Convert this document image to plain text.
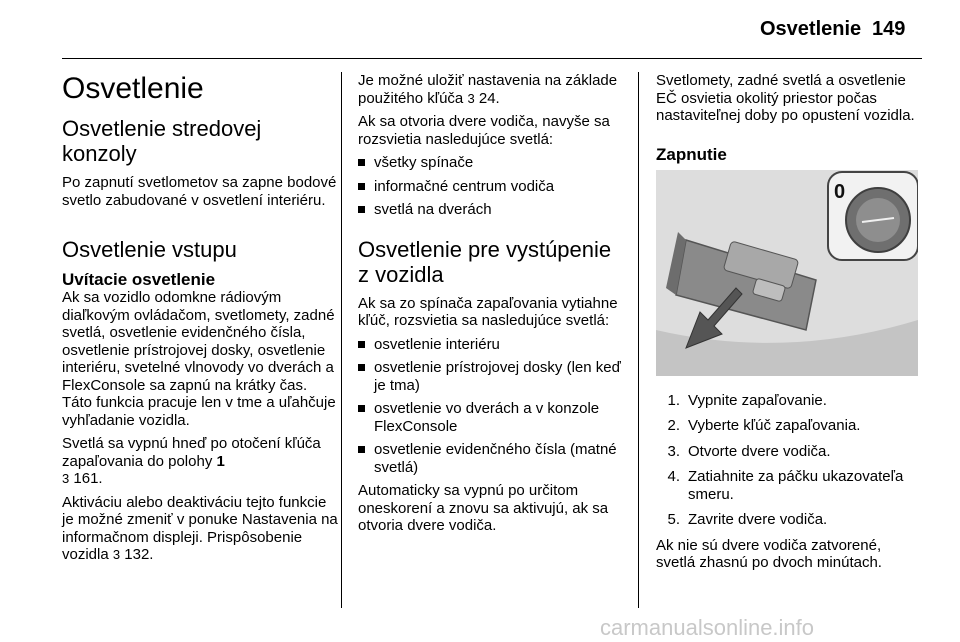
Osvetlenie 149
Osvetlenie
Osvetlenie stredovej konzoly

Po zapnutí svetlometov sa zapne bodové svetlo zabudované v osvetlení interiéru.

Osvetlenie vstupu
Uvítacie osvetlenie

Ak sa vozidlo odomkne rádiovým diaľkovým ovládačom, svetlomety, zadné svetlá, osvetlenie evidenčného čísla, osvetlenie prístrojovej dosky, osvetlenie interiéru, svetelné vlnovody vo dverách a FlexConsole sa zapnú na krátky čas. Táto funkcia pracuje len v tme a uľahčuje vyhľadanie vozidla.

Svetlá sa vypnú hneď po otočení kľúča zapaľovania do polohy 1
3 161.

Aktiváciu alebo deaktiváciu tejto funkcie je možné zmeniť v ponuke Nastavenia na informačnom displeji. Prispôsobenie vozidla 3 132.

Je možné uložiť nastavenia na základe použitého kľúča 3 24.

Ak sa otvoria dvere vodiča, navyše sa rozsvietia nasledujúce svetlá:

všetky spínače
informačné centrum vodiča
svetlá na dverách
Osvetlenie pre vystúpenie z vozidla

Ak sa zo spínača zapaľovania vytiahne kľúč, rozsvietia sa nasledujúce svetlá:

osvetlenie interiéru
osvetlenie prístrojovej dosky (len keď je tma)
osvetlenie vo dverách a v konzole FlexConsole
osvetlenie evidenčného čísla (matné svetlá)

Automaticky sa vypnú po určitom oneskorení a znovu sa aktivujú, ak sa otvoria dvere vodiča.

Svetlomety, zadné svetlá a osvetlenie EČ osvietia okolitý priestor počas nastaviteľnej doby po opustení vozidla.

Zapnutie
0
1. Vypnite zapaľovanie.
2. Vyberte kľúč zapaľovania.
3. Otvorte dvere vodiča.
4. Zatiahnite za páčku ukazovateľa smeru.
5. Zavrite dvere vodiča.

Ak nie sú dvere vodiča zatvorené, svetlá zhasnú po dvoch minútach.

carmanualsonline.info
